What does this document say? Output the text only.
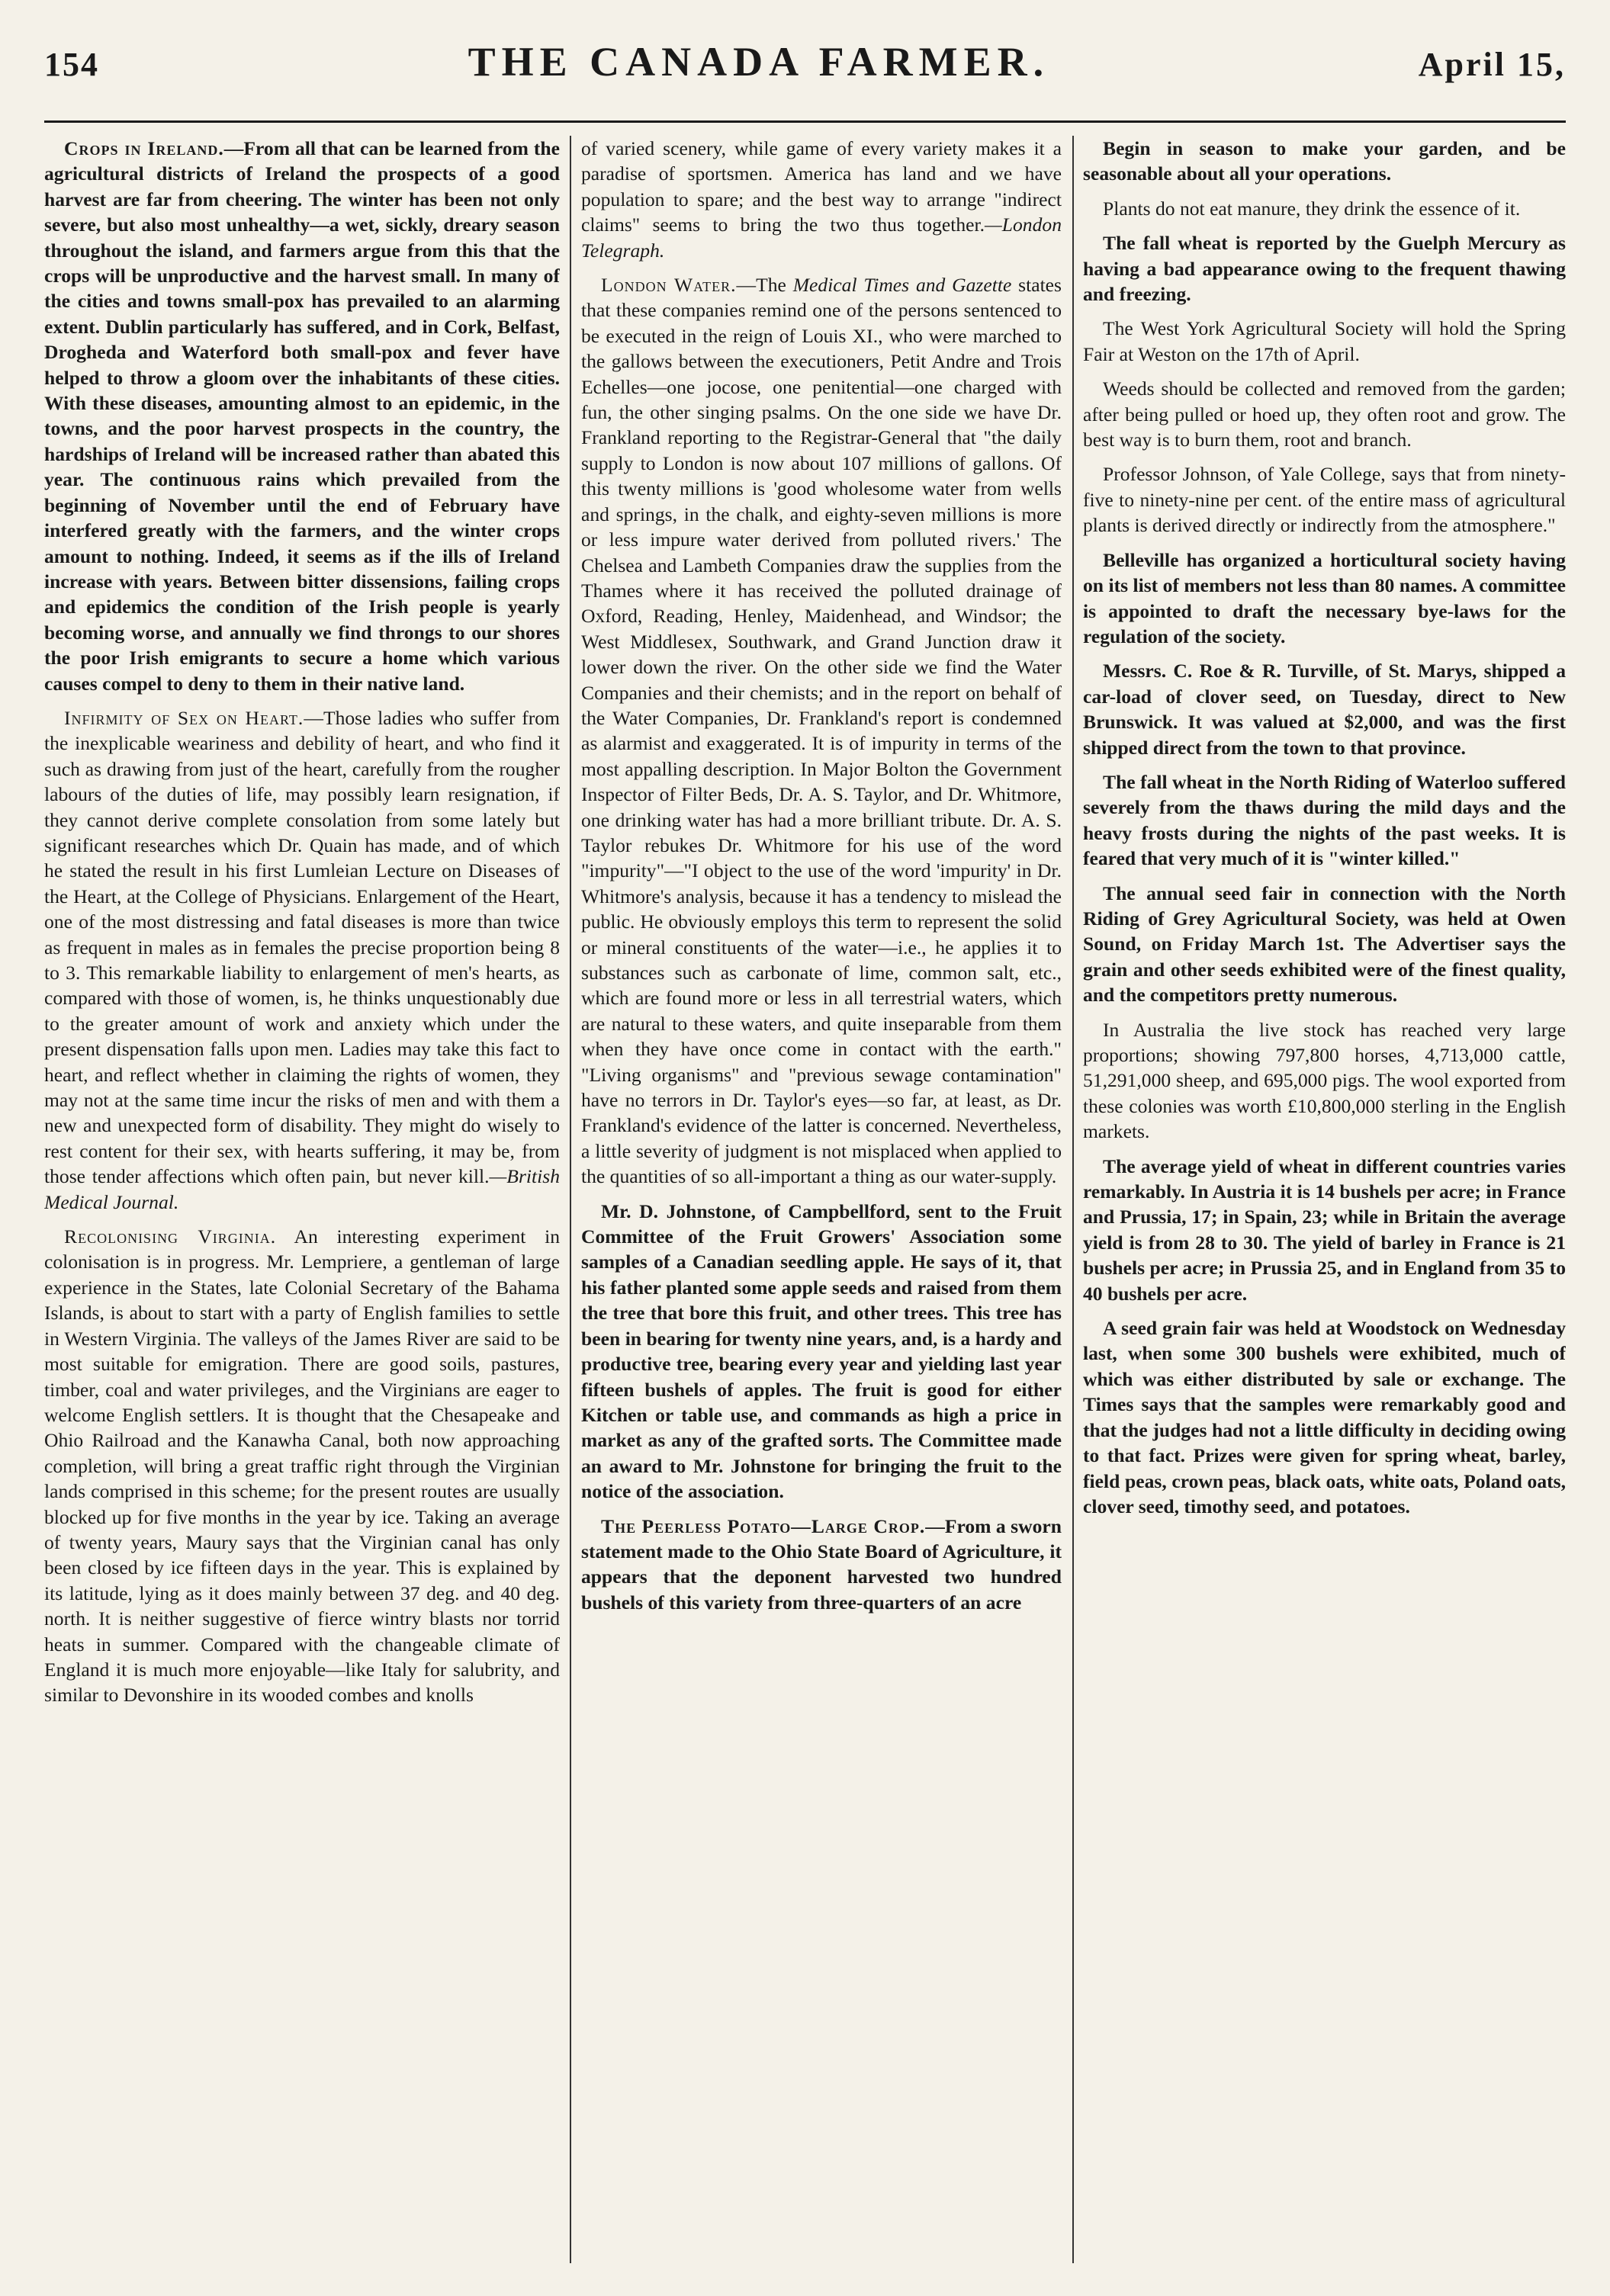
154	THE CANADA FARMER.	April 15,

Crops in Ireland.—From all that can be learned from the agricultural districts of Ireland the prospects of a good harvest are far from cheering. The winter has been not only severe, but also most unhealthy—a wet, sickly, dreary season throughout the island, and farmers argue from this that the crops will be unproductive and the harvest small. In many of the cities and towns small-pox has prevailed to an alarming extent. Dublin particularly has suffered, and in Cork, Belfast, Drogheda and Waterford both small-pox and fever have helped to throw a gloom over the inhabitants of these cities. With these diseases, amounting almost to an epidemic, in the towns, and the poor harvest prospects in the country, the hardships of Ireland will be increased rather than abated this year. The continuous rains which prevailed from the beginning of November until the end of February have interfered greatly with the farmers, and the winter crops amount to nothing. Indeed, it seems as if the ills of Ireland increase with years. Between bitter dissensions, failing crops and epidemics the condition of the Irish people is yearly becoming worse, and annually we find throngs to our shores the poor Irish emigrants to secure a home which various causes compel to deny to them in their native land.

Infirmity of Sex on Heart.—Those ladies who suffer from the inexplicable weariness and debility of heart, and who find it such as drawing from just of the heart, carefully from the rougher labours of the duties of life, may possibly learn resignation, if they cannot derive complete consolation from some lately but significant researches which Dr. Quain has made, and of which he stated the result in his first Lumleian Lecture on Diseases of the Heart, at the College of Physicians. Enlargement of the Heart, one of the most distressing and fatal diseases is more than twice as frequent in males as in females the precise proportion being 8 to 3. This remarkable liability to enlargement of men's hearts, as compared with those of women, is, he thinks unquestionably due to the greater amount of work and anxiety which under the present dispensation falls upon men. Ladies may take this fact to heart, and reflect whether in claiming the rights of women, they may not at the same time incur the risks of men and with them a new and unexpected form of disability. They might do wisely to rest content for their sex, with hearts suffering, it may be, from those tender affections which often pain, but never kill.—British Medical Journal.

Recolonising Virginia. An interesting experiment in colonisation is in progress. Mr. Lempriere, a gentleman of large experience in the States, late Colonial Secretary of the Bahama Islands, is about to start with a party of English families to settle in Western Virginia. The valleys of the James River are said to be most suitable for emigration. There are good soils, pastures, timber, coal and water privileges, and the Virginians are eager to welcome English settlers. It is thought that the Chesapeake and Ohio Railroad and the Kanawha Canal, both now approaching completion, will bring a great traffic right through the Virginian lands comprised in this scheme; for the present routes are usually blocked up for five months in the year by ice. Taking an average of twenty years, Maury says that the Virginian canal has only been closed by ice fifteen days in the year. This is explained by its latitude, lying as it does mainly between 37 deg. and 40 deg. north. It is neither suggestive of fierce wintry blasts nor torrid heats in summer. Compared with the changeable climate of England it is much more enjoyable—like Italy for salubrity, and similar to Devonshire in its wooded combes and knolls

of varied scenery, while game of every variety makes it a paradise of sportsmen. America has land and we have population to spare; and the best way to arrange "indirect claims" seems to bring the two thus together.—London Telegraph.

London Water.—The Medical Times and Gazette states that these companies remind one of the persons sentenced to be executed in the reign of Louis XI., who were marched to the gallows between the executioners, Petit Andre and Trois Echelles—one jocose, one penitential—one charged with fun, the other singing psalms. On the one side we have Dr. Frankland reporting to the Registrar-General that "the daily supply to London is now about 107 millions of gallons. Of this twenty millions is 'good wholesome water from wells and springs, in the chalk, and eighty-seven millions is more or less impure water derived from polluted rivers.' The Chelsea and Lambeth Companies draw the supplies from the Thames where it has received the polluted drainage of Oxford, Reading, Henley, Maidenhead, and Windsor; the West Middlesex, Southwark, and Grand Junction draw it lower down the river. On the other side we find the Water Companies and their chemists; and in the report on behalf of the Water Companies, Dr. Frankland's report is condemned as alarmist and exaggerated. It is of impurity in terms of the most appalling description. In Major Bolton the Government Inspector of Filter Beds, Dr. A. S. Taylor, and Dr. Whitmore, one drinking water has had a more brilliant tribute. Dr. A. S. Taylor rebukes Dr. Whitmore for his use of the word "impurity"—"I object to the use of the word 'impurity' in Dr. Whitmore's analysis, because it has a tendency to mislead the public. He obviously employs this term to represent the solid or mineral constituents of the water—i.e., he applies it to substances such as carbonate of lime, common salt, etc., which are found more or less in all terrestrial waters, which are natural to these waters, and quite inseparable from them when they have once come in contact with the earth." "Living organisms" and "previous sewage contamination" have no terrors in Dr. Taylor's eyes—so far, at least, as Dr. Frankland's evidence of the latter is concerned. Nevertheless, a little severity of judgment is not misplaced when applied to the quantities of so all-important a thing as our water-supply.

Mr. D. Johnstone, of Campbellford, sent to the Fruit Committee of the Fruit Growers' Association some samples of a Canadian seedling apple. He says of it, that his father planted some apple seeds and raised from them the tree that bore this fruit, and other trees. This tree has been in bearing for twenty nine years, and, is a hardy and productive tree, bearing every year and yielding last year fifteen bushels of apples. The fruit is good for either Kitchen or table use, and commands as high a price in market as any of the grafted sorts. The Committee made an award to Mr. Johnstone for bringing the fruit to the notice of the association.

The Peerless Potato—Large Crop.—From a sworn statement made to the Ohio State Board of Agriculture, it appears that the deponent harvested two hundred bushels of this variety from three-quarters of an acre

Begin in season to make your garden, and be seasonable about all your operations.

Plants do not eat manure, they drink the essence of it.

The fall wheat is reported by the Guelph Mercury as having a bad appearance owing to the frequent thawing and freezing.

The West York Agricultural Society will hold the Spring Fair at Weston on the 17th of April.

Weeds should be collected and removed from the garden; after being pulled or hoed up, they often root and grow. The best way is to burn them, root and branch.

Professor Johnson, of Yale College, says that from ninety-five to ninety-nine per cent. of the entire mass of agricultural plants is derived directly or indirectly from the atmosphere."

Belleville has organized a horticultural society having on its list of members not less than 80 names. A committee is appointed to draft the necessary bye-laws for the regulation of the society.

Messrs. C. Roe & R. Turville, of St. Marys, shipped a car-load of clover seed, on Tuesday, direct to New Brunswick. It was valued at $2,000, and was the first shipped direct from the town to that province.

The fall wheat in the North Riding of Waterloo suffered severely from the thaws during the mild days and the heavy frosts during the nights of the past weeks. It is feared that very much of it is "winter killed."

The annual seed fair in connection with the North Riding of Grey Agricultural Society, was held at Owen Sound, on Friday March 1st. The Advertiser says the grain and other seeds exhibited were of the finest quality, and the competitors pretty numerous.

In Australia the live stock has reached very large proportions; showing 797,800 horses, 4,713,000 cattle, 51,291,000 sheep, and 695,000 pigs. The wool exported from these colonies was worth £10,800,000 sterling in the English markets.

The average yield of wheat in different countries varies remarkably. In Austria it is 14 bushels per acre; in France and Prussia, 17; in Spain, 23; while in Britain the average yield is from 28 to 30. The yield of barley in France is 21 bushels per acre; in Prussia 25, and in England from 35 to 40 bushels per acre.

A seed grain fair was held at Woodstock on Wednesday last, when some 300 bushels were exhibited, much of which was either distributed by sale or exchange. The Times says that the samples were remarkably good and that the judges had not a little difficulty in deciding owing to that fact. Prizes were given for spring wheat, barley, field peas, crown peas, black oats, white oats, Poland oats, clover seed, timothy seed, and potatoes.
